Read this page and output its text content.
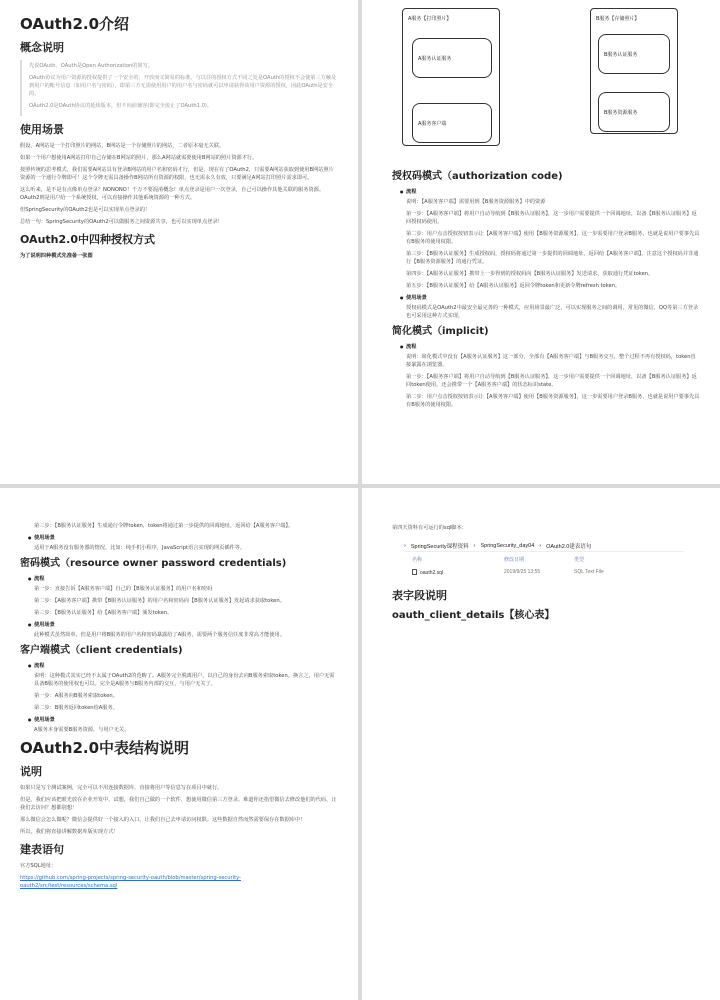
OAuth2.0介绍
概念说明
先说OAuth，OAuth是Open Authorization的简写。
OAuth协议为用户资源的授权提供了一个安全的、开放而又简易的标准。与以往的授权方式不同之处是OAuth的授权不会使第三方触及到用户的帐号信息（如用户名与密码），即第三方无需使用用户的用户名与密码就可以申请获得该用户资源的授权，因此OAuth是安全的。
OAuth2.0是OAuth协议的延续版本，但不向前兼容(即完全废止了OAuth1.0)。
使用场景
假设，A网站是一个打印照片的网站，B网站是一个存储照片的网站，二者原本毫无关联。
如果一个用户想使用A网站打印自己存储在B网站的照片，那么A网站就需要使用B网站的照片资源才行。
按照传统的思考模式，我们需要A网站具有登录B网站的用户名和密码才行，但是，现在有了OAuth2，只需要A网站获取到使用B网站照片资源的一个通行令牌即可！这个令牌无需具备操作B网站所有资源的权限，也无需永久有效，只要满足A网站打印照片需求即可。
这么听来，是不是有点像单点登录？NONONO！千万不要混淆概念！单点登录是用户一次登录，自己可以操作其他关联的服务资源。OAuth2则是用户给一个系统授权，可以直接操作其他系统资源的一种方式。
但SpringSecurity的OAuth2也是可以实现单点登录的！
总结一句：SpringSecurity的OAuth2可以做服务之间资源共享，也可以实现单点登录！
OAuth2.0中四种授权方式
为了说明四种模式先准备一张图
A服务【打印照片】
A服务认证服务
A服务客户端
B服务【存储照片】
B服务认证服务
B服务资源服务
授权码模式（authorization code)
● 流程
说明：【A服务客户端】需要用到【B服务资源服务】中的资源
第一步：【A服务客户端】将用户自动导航到【B服务认证服务】，这一步用户需要提供一个回调地址，以备【B服务认证服务】返回授权码使用。
第二步：用户点击授权按钮表示让【A服务客户端】使用【B服务资源服务】，这一步需要用户登录B服务，也就是说用户要事先具有B服务的使用权限。
第三步：【B服务认证服务】生成授权码，授权码将通过第一步提供的回调地址，返回给【A服务客户端】。注意这个授权码并非通行【B服务资源服务】的通行凭证。
第四步：【A服务认证服务】携带上一步得到的授权码向【B服务认证服务】发送请求，获取通行凭证token。
第五步：【B服务认证服务】给【A服务认证服务】返回令牌token和更新令牌refresh token。
● 使用场景
授权码模式是OAuth2中最安全最完善的一种模式，应用场景最广泛，可以实现服务之间的调用，常见的微信，QQ等第三方登录也可采用这种方式实现。
简化模式（implicit)
● 流程
说明：简化模式中没有【A服务认证服务】这一部分，全部有【A服务客户端】与B服务交互，整个过程不再有授权码，token直接暴露在浏览器。
第一步：【A服务客户端】将用户自动导航到【B服务认证服务】，这一步用户需要提供一个回调地址，以备【B服务认证服务】返回token使用，还会携带一个【A服务客户端】的状态标识state。
第二步：用户点击授权按钮表示让【A服务客户端】使用【B服务资源服务】，这一步需要用户登录B服务，也就是说用户要事先具有B服务的使用权限。
第三步：【B服务认证服务】生成通行令牌token，token将通过第一步提供的回调地址，返回给【A服务客户端】。
● 使用场景
适用于A服务没有服务器的情况。比如：纯手机小程序，JavaScript语言实现的网页插件等。
密码模式（resource owner password credentials)
● 流程
第一步：直接告诉【A服务客户端】自己的【B服务认证服务】的用户名和密码
第二步：【A服务客户端】携带【B服务认证服务】的用户名和密码向【B服务认证服务】发起请求获取token。
第三步：【B服务认证服务】给【A服务客户端】颁发token。
● 使用场景
此种模式虽然简单，但是用户将B服务的用户名和密码暴露给了A服务，需要两个服务信任度非常高才能使用。
客户端模式（client credentials)
● 流程
说明：这种模式其实已经不太属于OAuth2的范畴了。A服务完全脱离用户，以自己的身份去向B服务索取token。换言之，用户无需具备B服务的使用权也可以。完全是A服务与B服务内部的交互，与用户无关了。
第一步：A服务向B服务索取token。
第二步：B服务返回token给A服务。
● 使用场景
A服务本身需要B服务资源，与用户无关。
OAuth2.0中表结构说明
说明
如果只是写个测试案例，完全可以不用连接数据库，直接将用户等信息写在项目中就行。
但是，我们应该把眼光放在企业开发中。试想，我们自己做的一个软件，想使用微信第三方登录。难道你还指望微信去修改他们的代码，让我们去访问？想都别想！
那么微信会怎么做呢？微信会提供好一个接入的入口，让我们自己去申请访问权限。这些数据自然而然需要保存在数据库中！
所以，我们将直接讲解数据库版实现方式！
建表语句
官方SQL地址：
https://github.com/spring-projects/spring-security-oauth/blob/master/spring-security-oauth2/src/test/resources/schema.sql
第四天资料有可运行的sql脚本：
› SpringSecurity课程资料 › SpringSecurity_day04 › OAuth2.0建表语句
名称	修改日期	类型
oauth2.sql	2019/9/25 13:55	SQL Text File
表字段说明
oauth_client_details【核心表】
